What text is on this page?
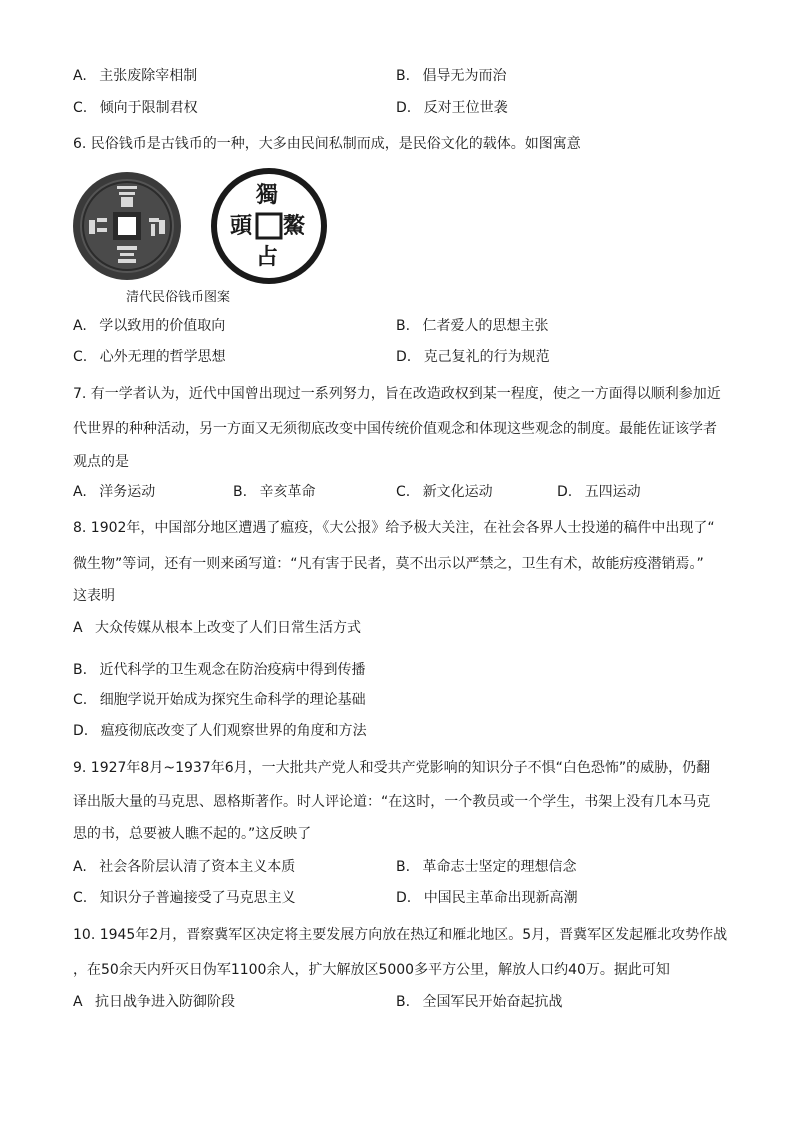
A. 主张废除宰相制	B. 倡导无为而治
C. 倾向于限制君权	D. 反对王位世袭
6. 民俗钱币是古钱币的一种，大多由民间私制而成，是民俗文化的载体。如图寓意
獨
鰲
頭
占
清代民俗钱币图案
A. 学以致用的价值取向	B. 仁者爱人的思想主张
C. 心外无理的哲学思想	D. 克己复礼的行为规范
7. 有一学者认为，近代中国曾出现过一系列努力，旨在改造政权到某一程度，使之一方面得以顺利参加近
代世界的种种活动，另一方面又无须彻底改变中国传统价值观念和体现这些观念的制度。最能佐证该学者
观点的是
A. 洋务运动	B. 辛亥革命	C. 新文化运动	D. 五四运动
8. 1902年，中国部分地区遭遇了瘟疫，《大公报》给予极大关注，在社会各界人士投递的稿件中出现了“
微生物”等词，还有一则来函写道：“凡有害于民者，莫不出示以严禁之，卫生有术，故能疠疫潜销焉。”
这表明
A 大众传媒从根本上改变了人们日常生活方式
B. 近代科学的卫生观念在防治疫病中得到传播
C. 细胞学说开始成为探究生命科学的理论基础
D. 瘟疫彻底改变了人们观察世界的角度和方法
9. 1927年8月~1937年6月，一大批共产党人和受共产党影响的知识分子不惧“白色恐怖”的威胁，仍翻
译出版大量的马克思、恩格斯著作。时人评论道：“在这时，一个教员或一个学生，书架上没有几本马克
思的书，总要被人瞧不起的。”这反映了
A. 社会各阶层认清了资本主义本质	B. 革命志士坚定的理想信念
C. 知识分子普遍接受了马克思主义	D. 中国民主革命出现新高潮
10. 1945年2月，晋察冀军区决定将主要发展方向放在热辽和雁北地区。5月，晋冀军区发起雁北攻势作战
，在50余天内歼灭日伪军1100余人，扩大解放区5000多平方公里，解放人口约40万。据此可知
A 抗日战争进入防御阶段	B. 全国军民开始奋起抗战
